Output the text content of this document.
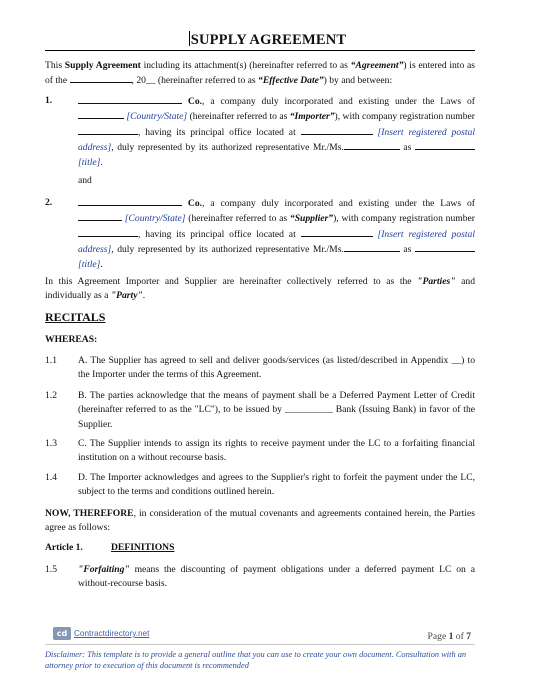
SUPPLY AGREEMENT
This Supply Agreement including its attachment(s) (hereinafter referred to as “Agreement”) is entered into as of the	, 20__ (hereinafter referred to as “Effective Date”) by and between:
1.	Co., a company duly incorporated and existing under the Laws of  [Country/State] (hereinafter referred to as “Importer”), with company registration number , having its principal office located at	[Insert registered postal address], duly represented by its authorized representative Mr./Ms.	as  [title].
and
2.	Co., a company duly incorporated and existing under the Laws of  [Country/State] (hereinafter referred to as “Supplier”), with company registration number , having its principal office located at	[Insert registered postal address], duly represented by its authorized representative Mr./Ms.	as  [title].
In this Agreement Importer and Supplier are hereinafter collectively referred to as the "Parties" and individually as a "Party".
RECITALS
WHEREAS:
1.1 A. The Supplier has agreed to sell and deliver goods/services (as listed/described in Appendix __) to the Importer under the terms of this Agreement.
1.2 B. The parties acknowledge that the means of payment shall be a Deferred Payment Letter of Credit (hereinafter referred to as the "LC"), to be issued by __________ Bank (Issuing Bank) in favor of the Supplier.
1.3 C. The Supplier intends to assign its rights to receive payment under the LC to a forfaiting financial institution on a without recourse basis.
1.4 D. The Importer acknowledges and agrees to the Supplier's right to forfeit the payment under the LC, subject to the terms and conditions outlined herein.
NOW, THEREFORE, in consideration of the mutual covenants and agreements contained herein, the Parties agree as follows:
Article 1.	DEFINITIONS
1.5 "Forfaiting" means the discounting of payment obligations under a deferred payment LC on a without-recourse basis.
cd Contractdirectory.net	Page 1 of 7
Disclaimer: This template is to provide a general outline that you can use to create your own document. Consultation with an attorney prior to execution of this document is recommended
